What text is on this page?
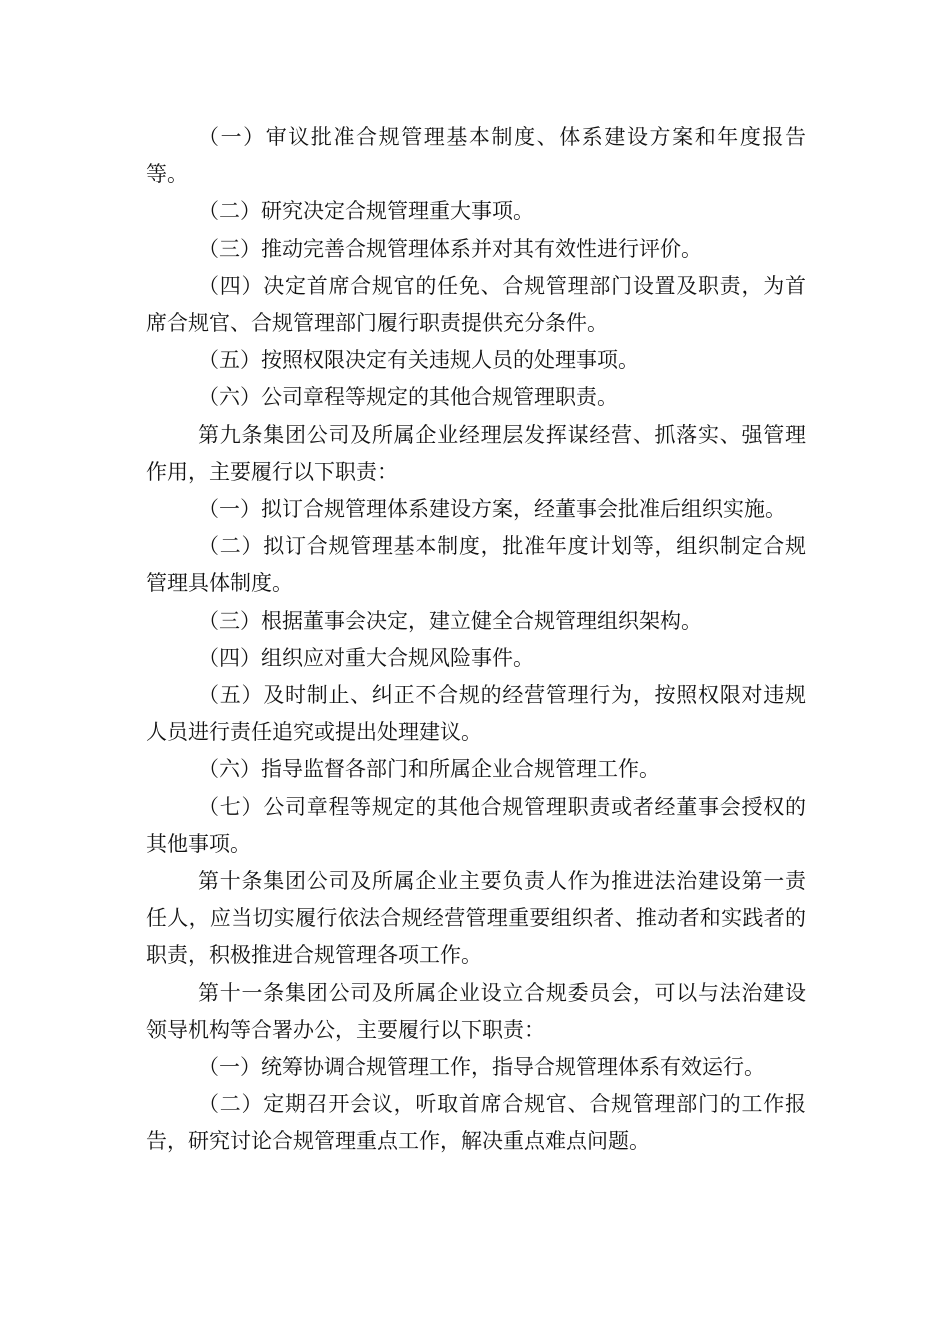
（一）审议批准合规管理基本制度、体系建设方案和年度报告等。

（二）研究决定合规管理重大事项。

（三）推动完善合规管理体系并对其有效性进行评价。

（四）决定首席合规官的任免、合规管理部门设置及职责，为首席合规官、合规管理部门履行职责提供充分条件。

（五）按照权限决定有关违规人员的处理事项。

（六）公司章程等规定的其他合规管理职责。

第九条集团公司及所属企业经理层发挥谋经营、抓落实、强管理作用，主要履行以下职责：

（一）拟订合规管理体系建设方案，经董事会批准后组织实施。

（二）拟订合规管理基本制度，批准年度计划等，组织制定合规管理具体制度。

（三）根据董事会决定，建立健全合规管理组织架构。

（四）组织应对重大合规风险事件。

（五）及时制止、纠正不合规的经营管理行为，按照权限对违规人员进行责任追究或提出处理建议。

（六）指导监督各部门和所属企业合规管理工作。

（七）公司章程等规定的其他合规管理职责或者经董事会授权的其他事项。

第十条集团公司及所属企业主要负责人作为推进法治建设第一责任人，应当切实履行依法合规经营管理重要组织者、推动者和实践者的职责，积极推进合规管理各项工作。

第十一条集团公司及所属企业设立合规委员会，可以与法治建设领导机构等合署办公，主要履行以下职责：

（一）统筹协调合规管理工作，指导合规管理体系有效运行。

（二）定期召开会议，听取首席合规官、合规管理部门的工作报告，研究讨论合规管理重点工作，解决重点难点问题。
